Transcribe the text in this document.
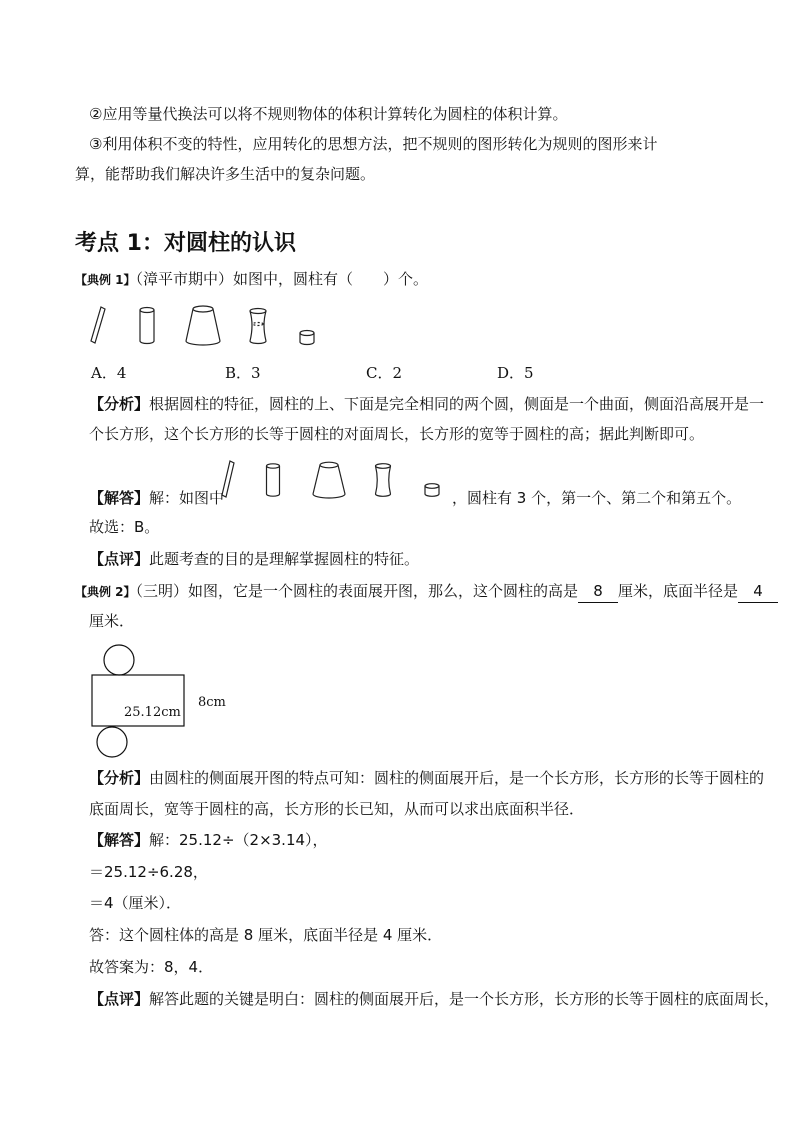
②应用等量代换法可以将不规则物体的体积计算转化为圆柱的体积计算。
③利用体积不变的特性，应用转化的思想方法，把不规则的图形转化为规则的图形来计
算，能帮助我们解决许多生活中的复杂问题。
考点 1：对圆柱的认识
【典例 1】（漳平市期中）如图中，圆柱有（　　）个。
A．4	B．3	C．2	D．5
【分析】根据圆柱的特征，圆柱的上、下面是完全相同的两个圆，侧面是一个曲面，侧面沿高展开是一
个长方形，这个长方形的长等于圆柱的对面周长，长方形的宽等于圆柱的高；据此判断即可。
【解答】解：如图中	，圆柱有 3 个，第一个、第二个和第五个。
故选：B。
【点评】此题考查的目的是理解掌握圆柱的特征。
【典例 2】（三明）如图，它是一个圆柱的表面展开图，那么，这个圆柱的高是 8 厘米，底面半径是 4
厘米．
25.12cm
8cm
【分析】由圆柱的侧面展开图的特点可知：圆柱的侧面展开后，是一个长方形，长方形的长等于圆柱的
底面周长，宽等于圆柱的高，长方形的长已知，从而可以求出底面积半径．
【解答】解：25.12÷（2×3.14），
＝25.12÷6.28，
＝4（厘米）．
答：这个圆柱体的高是 8 厘米，底面半径是 4 厘米．
故答案为：8，4．
【点评】解答此题的关键是明白：圆柱的侧面展开后，是一个长方形，长方形的长等于圆柱的底面周长，
